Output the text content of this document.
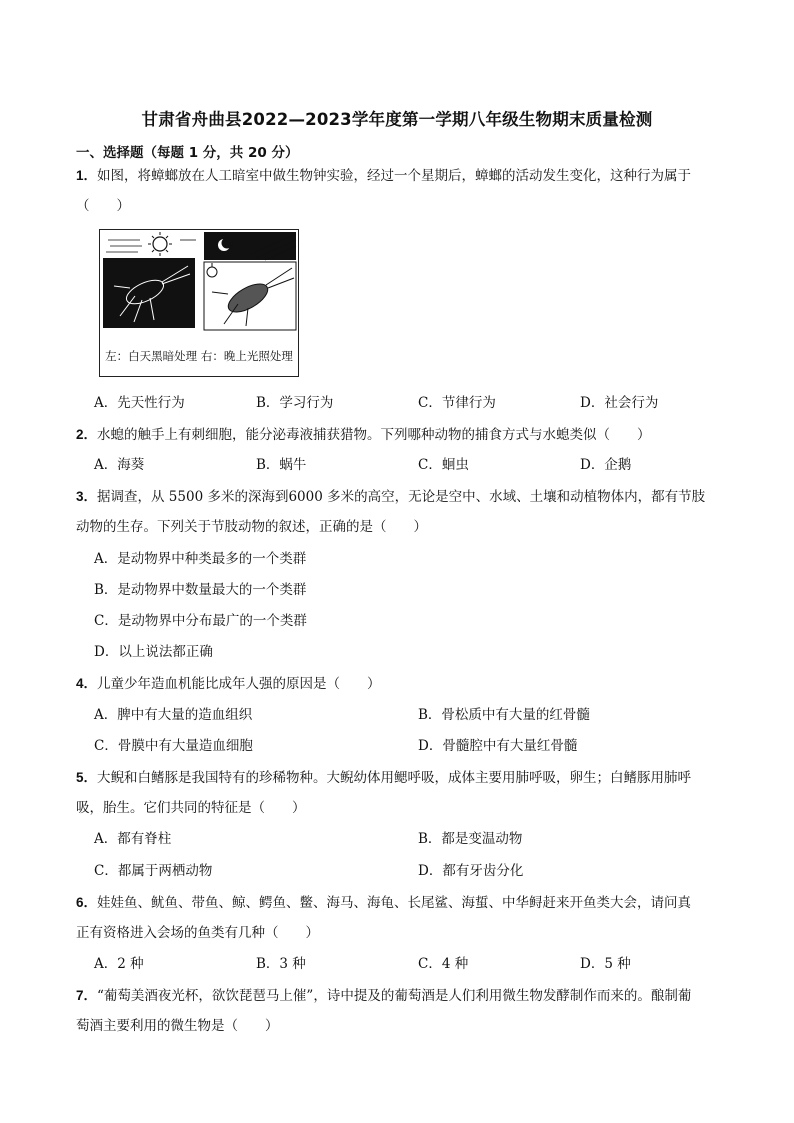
甘肃省舟曲县2022—2023学年度第一学期八年级生物期末质量检测
一、选择题（每题 1 分，共 20 分）
1．如图，将蟑螂放在人工暗室中做生物钟实验，经过一个星期后，蟑螂的活动发生变化，这种行为属于
（　　）
左：白天黑暗处理 右：晚上光照处理
A．先天性行为	B．学习行为	C．节律行为	D．社会行为
2．水螅的触手上有刺细胞，能分泌毒液捕获猎物。下列哪种动物的捕食方式与水螅类似（　　）
A．海葵	B．蜗牛	C．蛔虫	D．企鹅
3．据调查，从 5500 多米的深海到6000 多米的高空，无论是空中、水域、土壤和动植物体内，都有节肢
动物的生存。下列关于节肢动物的叙述，正确的是（　　）
A．是动物界中种类最多的一个类群
B．是动物界中数量最大的一个类群
C．是动物界中分布最广的一个类群
D．以上说法都正确
4．儿童少年造血机能比成年人强的原因是（　　）
A．脾中有大量的造血组织	B．骨松质中有大量的红骨髓
C．骨膜中有大量造血细胞	D．骨髓腔中有大量红骨髓
5．大鲵和白鳍豚是我国特有的珍稀物种。大鲵幼体用鳃呼吸，成体主要用肺呼吸，卵生；白鳍豚用肺呼
吸，胎生。它们共同的特征是（　　）
A．都有脊柱	B．都是变温动物
C．都属于两栖动物	D．都有牙齿分化
6．娃娃鱼、鱿鱼、带鱼、鲸、鳄鱼、鳖、海马、海龟、长尾鲨、海蜇、中华鲟赶来开鱼类大会，请问真
正有资格进入会场的鱼类有几种（　　）
A．2 种	B．3 种	C．4 种	D．5 种
7．“葡萄美酒夜光杯，欲饮琵琶马上催”，诗中提及的葡萄酒是人们利用微生物发酵制作而来的。酿制葡
萄酒主要利用的微生物是（　　）
